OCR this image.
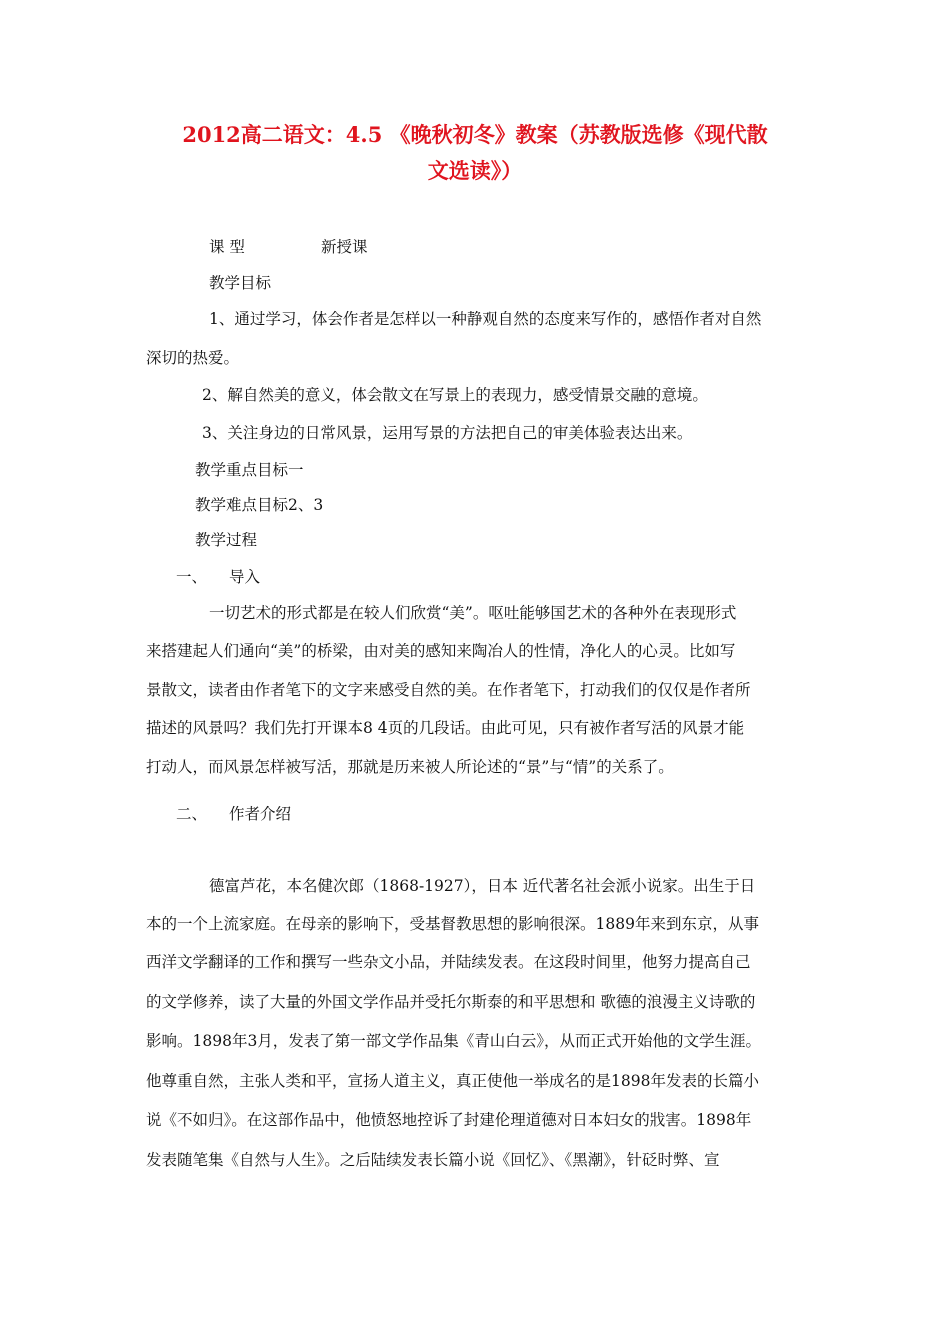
2012高二语文：4.5 《晚秋初冬》教案（苏教版选修《现代散
文选读》）
课 型	新授课
教学目标
1、通过学习，体会作者是怎样以一种静观自然的态度来写作的，感悟作者对自然
深切的热爱。
2、解自然美的意义，体会散文在写景上的表现力，感受情景交融的意境。
3、关注身边的日常风景，运用写景的方法把自己的审美体验表达出来。
教学重点目标一
教学难点目标2、3
教学过程
一、 导入
一切艺术的形式都是在较人们欣赏“美”。呕吐能够国艺术的各种外在表现形式
来搭建起人们通向“美”的桥梁，由对美的感知来陶冶人的性情，净化人的心灵。比如写
景散文，读者由作者笔下的文字来感受自然的美。在作者笔下，打动我们的仅仅是作者所
描述的风景吗？我们先打开课本8 4页的几段话。由此可见，只有被作者写活的风景才能
打动人，而风景怎样被写活，那就是历来被人所论述的“景”与“情”的关系了。
二、 作者介绍
德富芦花，本名健次郎（1868-1927），日本 近代著名社会派小说家。出生于日
本的一个上流家庭。在母亲的影响下，受基督教思想的影响很深。1889年来到东京，从事
西洋文学翻译的工作和撰写一些杂文小品，并陆续发表。在这段时间里，他努力提高自己
的文学修养，读了大量的外国文学作品并受托尔斯泰的和平思想和 歌德的浪漫主义诗歌的
影响。1898年3月，发表了第一部文学作品集《青山白云》，从而正式开始他的文学生涯。
他尊重自然，主张人类和平，宣扬人道主义，真正使他一举成名的是1898年发表的长篇小
说《不如归》。在这部作品中，他愤怒地控诉了封建伦理道德对日本妇女的戕害。1898年
发表随笔集《自然与人生》。之后陆续发表长篇小说《回忆》、《黑潮》，针砭时弊、宣
